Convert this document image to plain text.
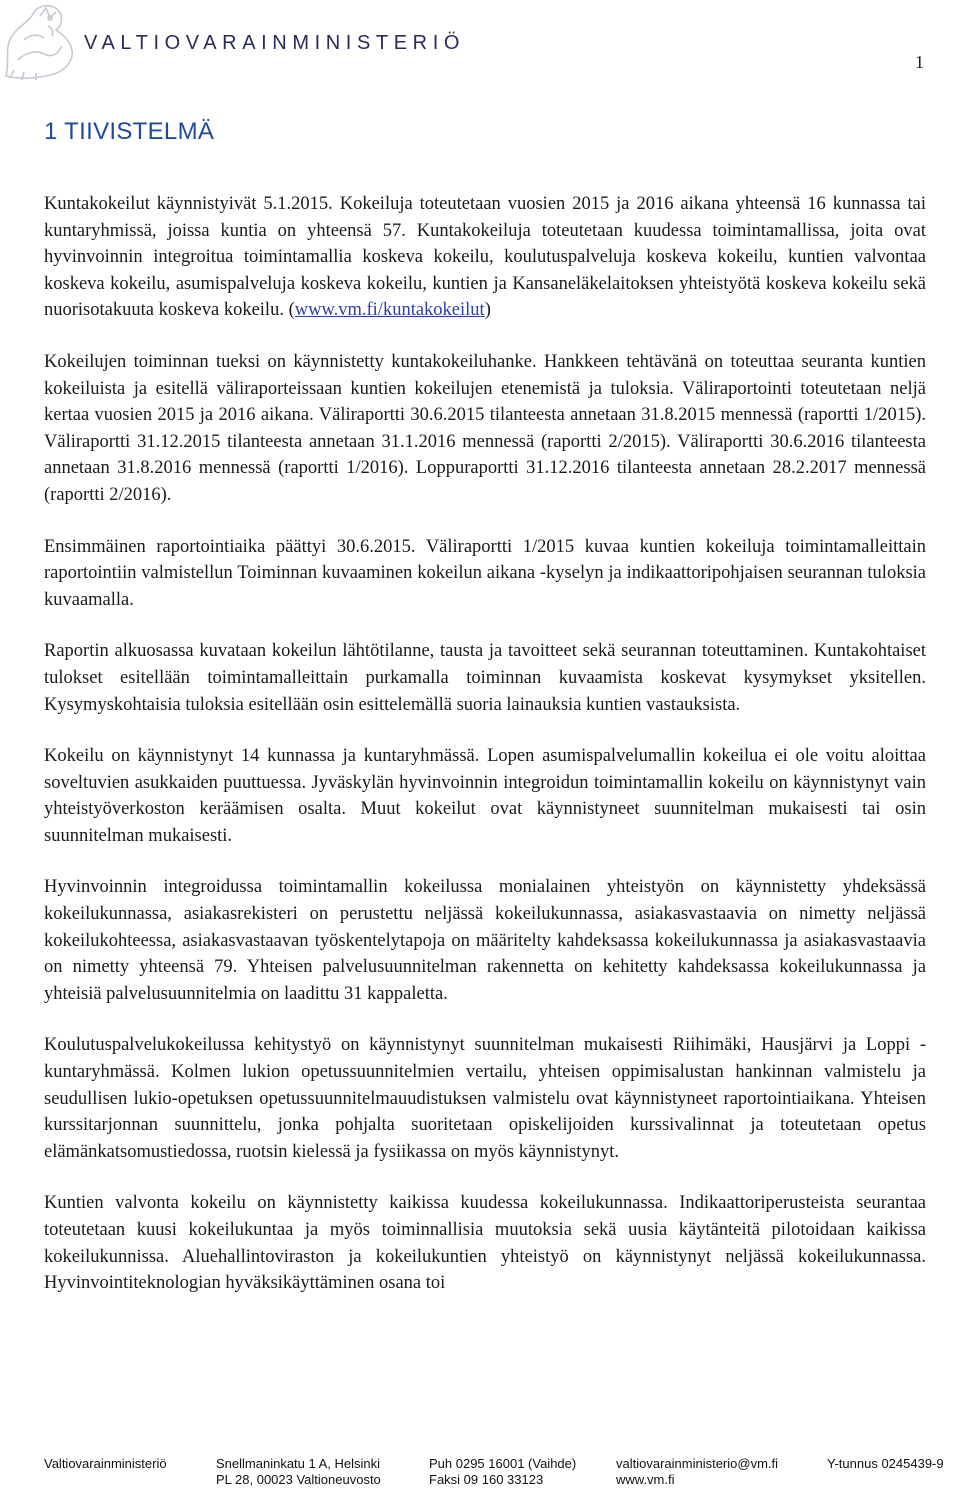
VALTIOVARAINMINISTERIÖ

1
1 TIIVISTELMÄ

Kuntakokeilut käynnistyivät 5.1.2015. Kokeiluja toteutetaan vuosien 2015 ja 2016 aikana yhteensä 16 kunnassa tai kuntaryhmissä, joissa kuntia on yhteensä 57. Kuntakokeiluja toteutetaan kuudessa toimintamallissa, joita ovat hyvinvoinnin integroitua toimintamallia koskeva kokeilu, koulutuspalveluja koskeva kokeilu, kuntien valvontaa koskeva kokeilu, asumispalveluja koskeva kokeilu, kuntien ja Kansaneläkelaitoksen yhteistyötä koskeva kokeilu sekä nuorisotakuuta koskeva kokeilu. (www.vm.fi/kuntakokeilut)

Kokeilujen toiminnan tueksi on käynnistetty kuntakokeiluhanke. Hankkeen tehtävänä on toteuttaa seuranta kuntien kokeiluista ja esitellä väliraporteissaan kuntien kokeilujen etenemistä ja tuloksia. Väliraportointi toteutetaan neljä kertaa vuosien 2015 ja 2016 aikana. Väliraportti 30.6.2015 tilanteesta annetaan 31.8.2015 mennessä (raportti 1/2015). Väliraportti 31.12.2015 tilanteesta annetaan 31.1.2016 mennessä (raportti 2/2015). Väliraportti 30.6.2016 tilanteesta annetaan 31.8.2016 mennessä (raportti 1/2016). Loppuraportti 31.12.2016 tilanteesta annetaan 28.2.2017 mennessä (raportti 2/2016).

Ensimmäinen raportointiaika päättyi 30.6.2015. Väliraportti 1/2015 kuvaa kuntien kokeiluja toimintamalleittain raportointiin valmistellun Toiminnan kuvaaminen kokeilun aikana -kyselyn ja indikaattoripohjaisen seurannan tuloksia kuvaamalla.

Raportin alkuosassa kuvataan kokeilun lähtötilanne, tausta ja tavoitteet sekä seurannan toteuttaminen. Kuntakohtaiset tulokset esitellään toimintamalleittain purkamalla toiminnan kuvaamista koskevat kysymykset yksitellen. Kysymyskohtaisia tuloksia esitellään osin esittelemällä suoria lainauksia kuntien vastauksista.

Kokeilu on käynnistynyt 14 kunnassa ja kuntaryhmässä. Lopen asumispalvelumallin kokeilua ei ole voitu aloittaa soveltuvien asukkaiden puuttuessa. Jyväskylän hyvinvoinnin integroidun toimintamallin kokeilu on käynnistynyt vain yhteistyöverkoston keräämisen osalta. Muut kokeilut ovat käynnistyneet suunnitelman mukaisesti tai osin suunnitelman mukaisesti.

Hyvinvoinnin integroidussa toimintamallin kokeilussa monialainen yhteistyön on käynnistetty yhdeksässä kokeilukunnassa, asiakasrekisteri on perustettu neljässä kokeilukunnassa, asiakasvastaavia on nimetty neljässä kokeilukohteessa, asiakasvastaavan työskentelytapoja on määritelty kahdeksassa kokeilukunnassa ja asiakasvastaavia on nimetty yhteensä 79. Yhteisen palvelusuunnitelman rakennetta on kehitetty kahdeksassa kokeilukunnassa ja yhteisiä palvelusuunnitelmia on laadittu 31 kappaletta.

Koulutuspalvelukokeilussa kehitystyö on käynnistynyt suunnitelman mukaisesti Riihimäki, Hausjärvi ja Loppi -kuntaryhmässä. Kolmen lukion opetussuunnitelmien vertailu, yhteisen oppimisalustan hankinnan valmistelu ja seudullisen lukio-opetuksen opetussuunnitelmauudistuksen valmistelu ovat käynnistyneet raportointiaikana. Yhteisen kurssitarjonnan suunnittelu, jonka pohjalta suoritetaan opiskelijoiden kurssivalinnat ja toteutetaan opetus elämänkatsomustiedossa, ruotsin kielessä ja fysiikassa on myös käynnistynyt.

Kuntien valvonta kokeilu on käynnistetty kaikissa kuudessa kokeilukunnassa. Indikaattoriperusteista seurantaa toteutetaan kuusi kokeilukuntaa ja myös toiminnallisia muutoksia sekä uusia käytänteitä pilotoidaan kaikissa kokeilukunnissa. Aluehallintoviraston ja kokeilukuntien yhteistyö on käynnistynyt neljässä kokeilukunnassa. Hyvinvointiteknologian hyväksikäyttäminen osana toi

Valtiovarainministeriö	Snellmaninkatu 1 A, Helsinki
PL 28, 00023 Valtioneuvosto
Puh 0295 16001 (Vaihde)
Faksi 09 160 33123
valtiovarainministerio@vm.fi
www.vm.fi
Y-tunnus 0245439-9
